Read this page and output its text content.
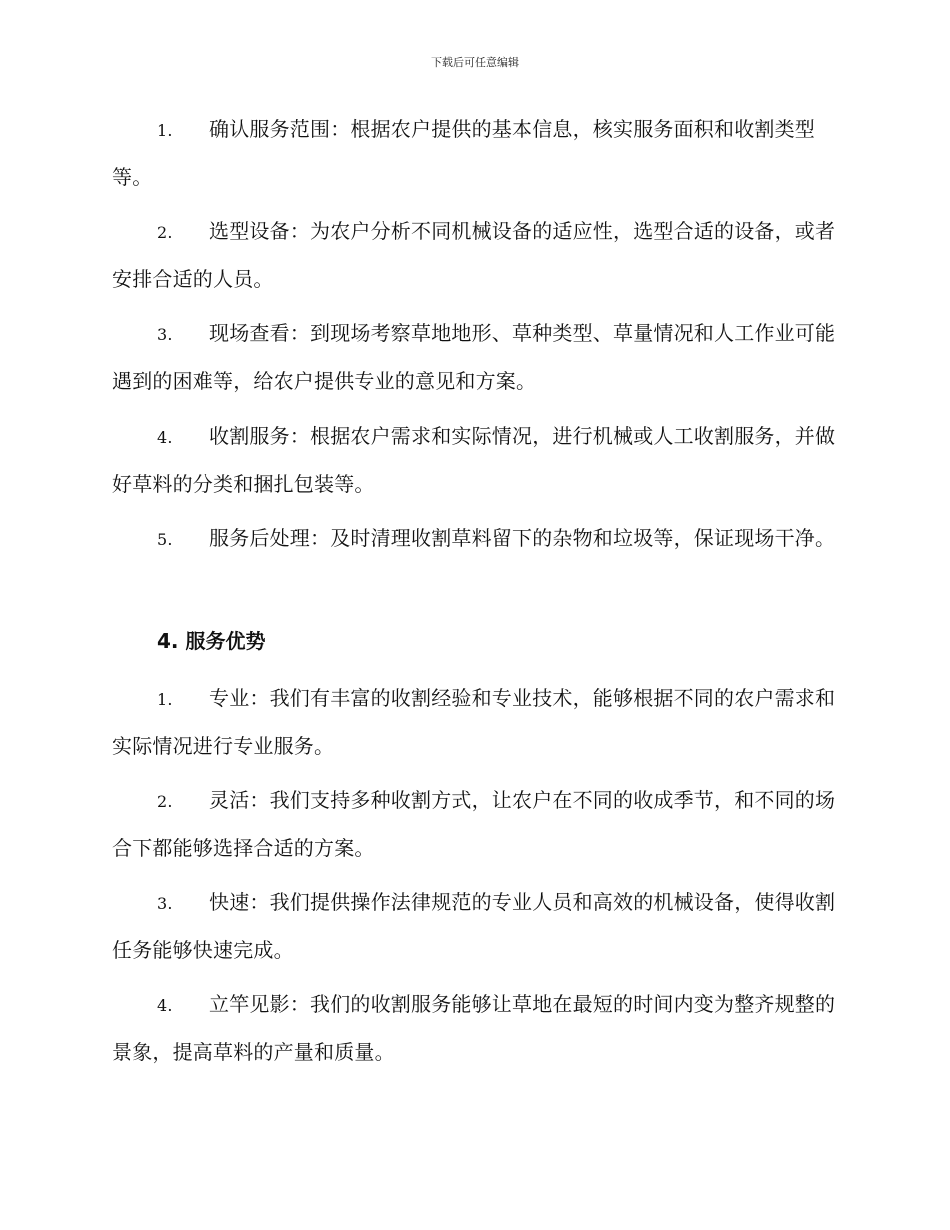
下载后可任意编辑
1. 确认服务范围：根据农户提供的基本信息，核实服务面积和收割类型等。
2. 选型设备：为农户分析不同机械设备的适应性，选型合适的设备，或者安排合适的人员。
3. 现场查看：到现场考察草地地形、草种类型、草量情况和人工作业可能遇到的困难等，给农户提供专业的意见和方案。
4. 收割服务：根据农户需求和实际情况，进行机械或人工收割服务，并做好草料的分类和捆扎包装等。
5. 服务后处理：及时清理收割草料留下的杂物和垃圾等，保证现场干净。
4. 服务优势
1. 专业：我们有丰富的收割经验和专业技术，能够根据不同的农户需求和实际情况进行专业服务。
2. 灵活：我们支持多种收割方式，让农户在不同的收成季节，和不同的场合下都能够选择合适的方案。
3. 快速：我们提供操作法律规范的专业人员和高效的机械设备，使得收割任务能够快速完成。
4. 立竿见影：我们的收割服务能够让草地在最短的时间内变为整齐规整的景象，提高草料的产量和质量。
